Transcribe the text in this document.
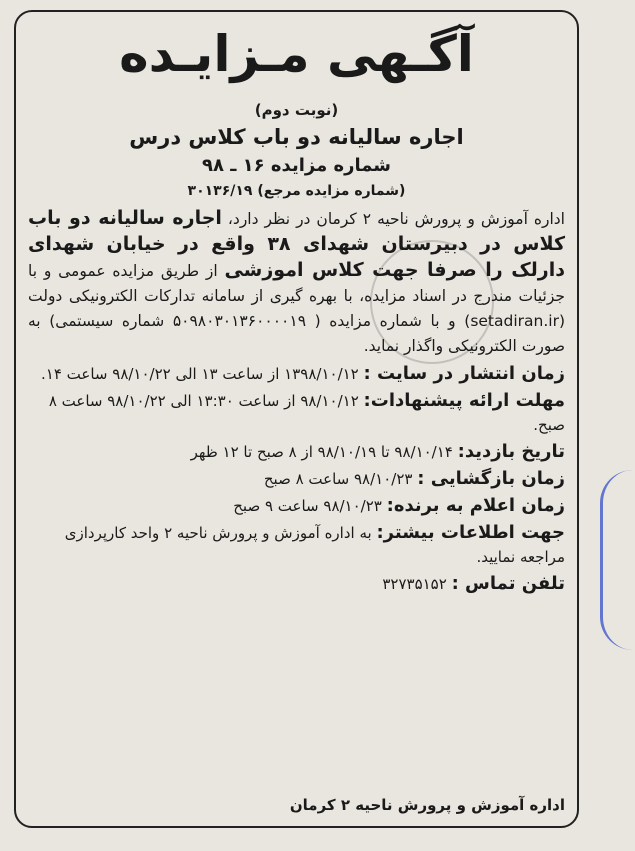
آگـهی مـزایـده
(نوبت دوم)
اجاره سالیانه دو باب کلاس درس
شماره مزایده ۱۶ ـ ۹۸
(شماره مزایده مرجع) ۳۰۱۳۶/۱۹
اداره آموزش و پرورش ناحیه ۲ کرمان در نظر دارد، اجاره سالیانه دو باب کلاس در دبیرستان شهدای ۳۸ واقع در خیابان شهدای دارلک را صرفا جهت کلاس اموزشی از طریق مزایده عمومی و با جزئیات مندرج در اسناد مزایده، با بهره گیری از سامانه تدارکات الکترونیکی دولت (setadiran.ir) و با شماره مزایده ( ۵۰۹۸۰۳۰۱۳۶۰۰۰۰۱۹ شماره سیستمی) به صورت الکترونیکی واگذار نماید.
زمان انتشار در سایت : ۱۳۹۸/۱۰/۱۲ از ساعت ۱۳ الی ۹۸/۱۰/۲۲ ساعت ۱۴.
مهلت ارائه پیشنهادات: ۹۸/۱۰/۱۲ از ساعت ۱۳:۳۰ الی ۹۸/۱۰/۲۲ ساعت ۸ صبح.
تاریخ بازدید: ۹۸/۱۰/۱۴ تا ۹۸/۱۰/۱۹ از ۸ صبح تا ۱۲ ظهر
زمان بازگشایی : ۹۸/۱۰/۲۳ ساعت ۸ صبح
زمان اعلام به برنده: ۹۸/۱۰/۲۳ ساعت ۹ صبح
جهت اطلاعات بیشتر: به اداره آموزش و پرورش ناحیه ۲ واحد کارپردازی مراجعه نمایید.
تلفن تماس : ۳۲۷۳۵۱۵۲
اداره آموزش و پرورش ناحیه ۲ کرمان
